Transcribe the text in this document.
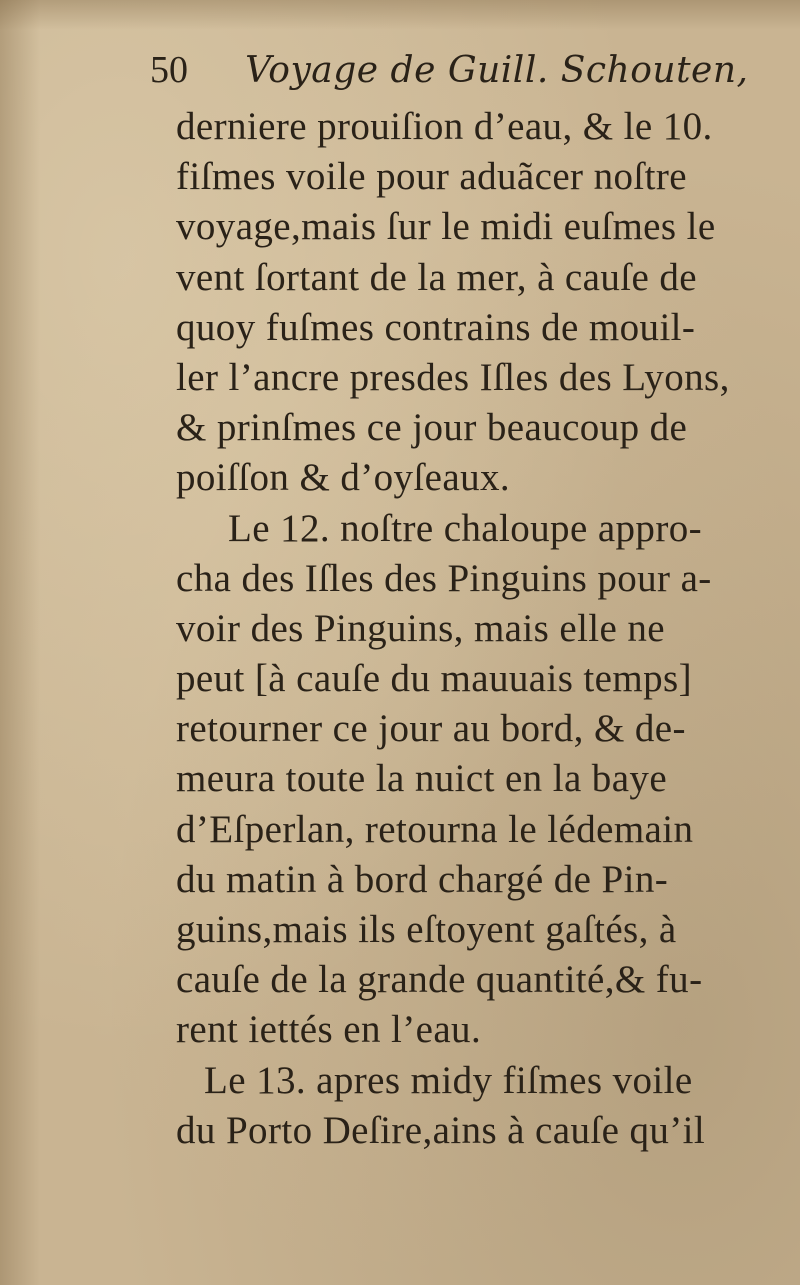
50 Voyage de Guill. Schouten,
derniere prouiſion d’eau, & le 10.
fiſmes voile pour aduãcer noſtre
voyage,mais ſur le midi euſmes le
vent ſortant de la mer, à cauſe de
quoy fuſmes contrains de mouil-
ler l’ancre presdes Iſles des Lyons,
& prinſmes ce jour beaucoup de
poiſſon & d’oyſeaux.
Le 12. noſtre chaloupe appro-
cha des Iſles des Pinguins pour a-
voir des Pinguins, mais elle ne
peut [à cauſe du mauuais temps]
retourner ce jour au bord, & de-
meura toute la nuict en la baye
d’Eſperlan, retourna le lédemain
du matin à bord chargé de Pin-
guins,mais ils eſtoyent gaſtés, à
cauſe de la grande quantité,& fu-
rent iettés en l’eau.
Le 13. apres midy fiſmes voile
du Porto Deſire,ains à cauſe qu’il
